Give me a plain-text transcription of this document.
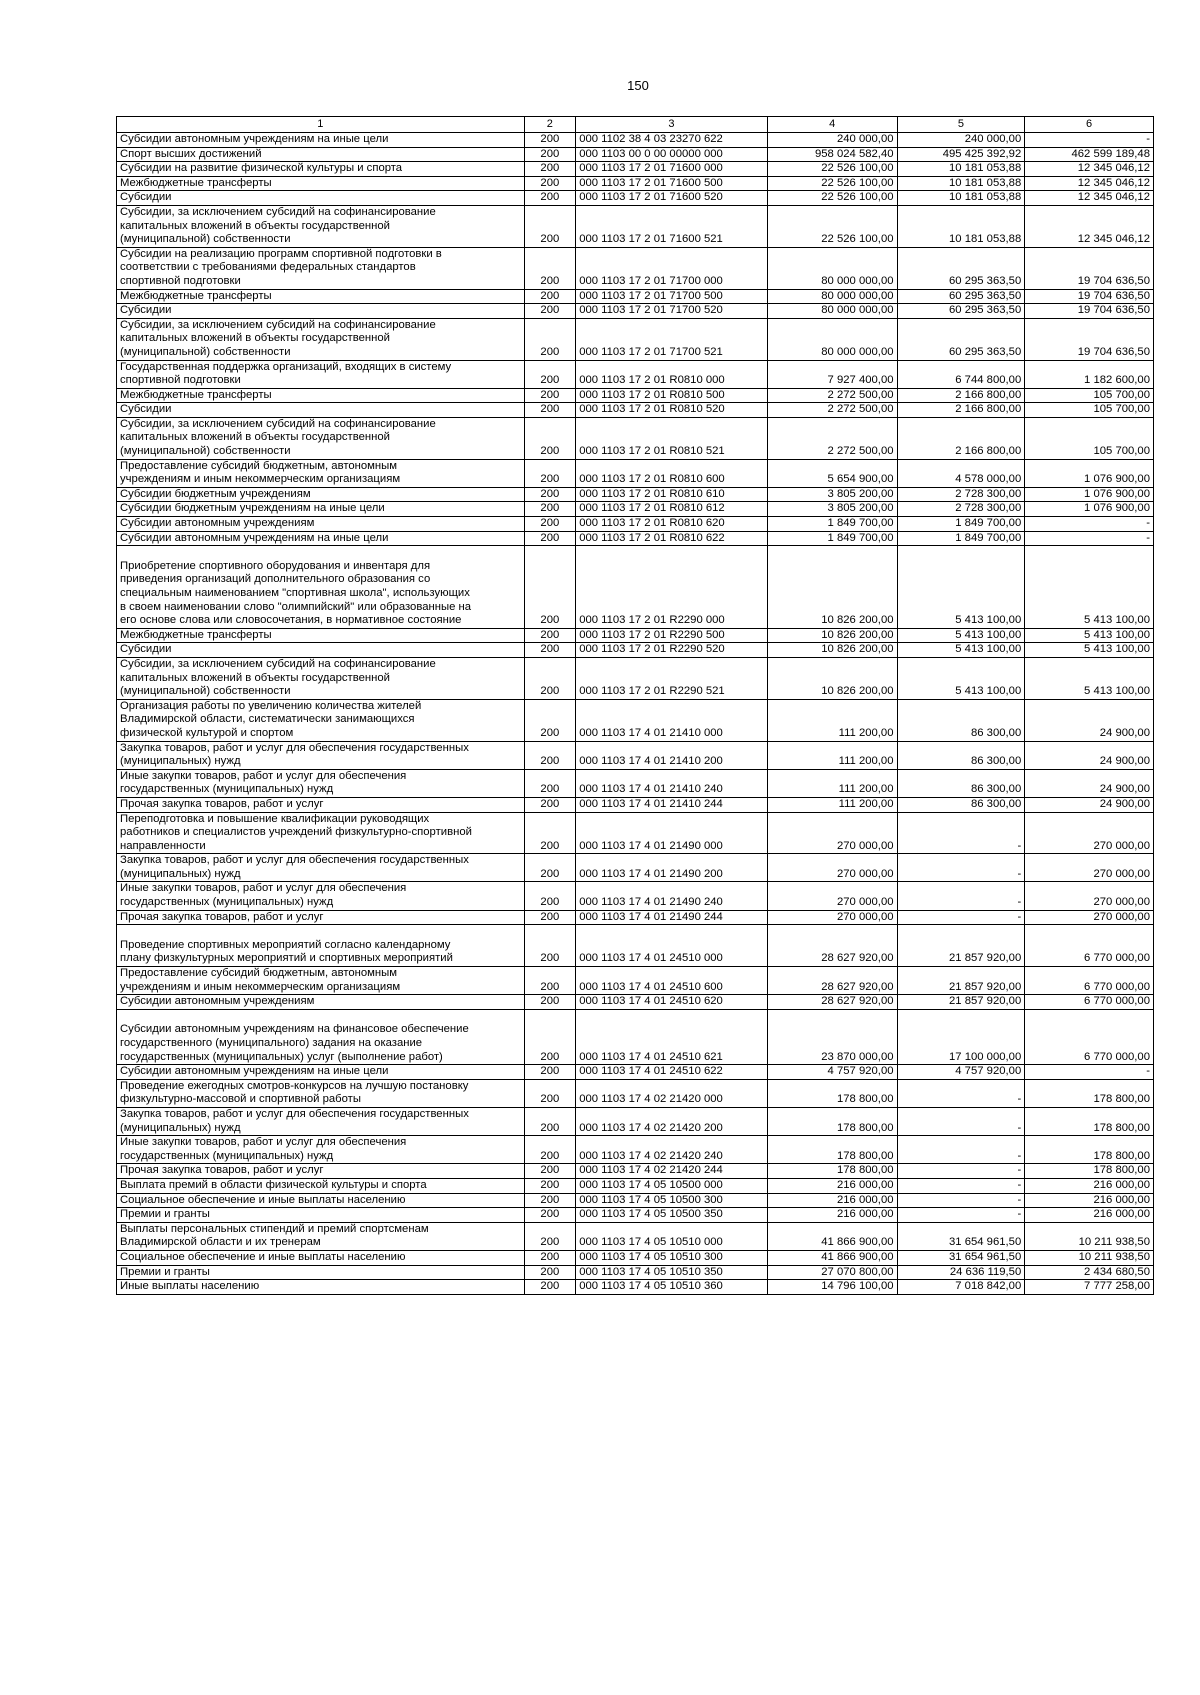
150
1	2	3	4	5	6
Субсидии автономным учреждениям на иные цели	200	000 1102 38 4 03 23270 622	240 000,00	240 000,00	-
Спорт высших достижений	200	000 1103 00 0 00 00000 000	958 024 582,40	495 425 392,92	462 599 189,48
Субсидии на развитие физической культуры и спорта	200	000 1103 17 2 01 71600 000	22 526 100,00	10 181 053,88	12 345 046,12
Межбюджетные трансферты	200	000 1103 17 2 01 71600 500	22 526 100,00	10 181 053,88	12 345 046,12
Субсидии	200	000 1103 17 2 01 71600 520	22 526 100,00	10 181 053,88	12 345 046,12
Субсидии, за исключением субсидий на софинансирование
капитальных вложений в объекты государственной
(муниципальной) собственности	200	000 1103 17 2 01 71600 521	22 526 100,00	10 181 053,88	12 345 046,12
Субсидии на реализацию программ спортивной подготовки в
соответствии с требованиями федеральных стандартов
спортивной подготовки	200	000 1103 17 2 01 71700 000	80 000 000,00	60 295 363,50	19 704 636,50
Межбюджетные трансферты	200	000 1103 17 2 01 71700 500	80 000 000,00	60 295 363,50	19 704 636,50
Субсидии	200	000 1103 17 2 01 71700 520	80 000 000,00	60 295 363,50	19 704 636,50
Субсидии, за исключением субсидий на софинансирование
капитальных вложений в объекты государственной
(муниципальной) собственности	200	000 1103 17 2 01 71700 521	80 000 000,00	60 295 363,50	19 704 636,50
Государственная поддержка организаций, входящих в систему
спортивной подготовки	200	000 1103 17 2 01 R0810 000	7 927 400,00	6 744 800,00	1 182 600,00
Межбюджетные трансферты	200	000 1103 17 2 01 R0810 500	2 272 500,00	2 166 800,00	105 700,00
Субсидии	200	000 1103 17 2 01 R0810 520	2 272 500,00	2 166 800,00	105 700,00
Субсидии, за исключением субсидий на софинансирование
капитальных вложений в объекты государственной
(муниципальной) собственности	200	000 1103 17 2 01 R0810 521	2 272 500,00	2 166 800,00	105 700,00
Предоставление субсидий бюджетным, автономным
учреждениям и иным некоммерческим организациям	200	000 1103 17 2 01 R0810 600	5 654 900,00	4 578 000,00	1 076 900,00
Субсидии бюджетным учреждениям	200	000 1103 17 2 01 R0810 610	3 805 200,00	2 728 300,00	1 076 900,00
Субсидии бюджетным учреждениям на иные цели	200	000 1103 17 2 01 R0810 612	3 805 200,00	2 728 300,00	1 076 900,00
Субсидии автономным учреждениям	200	000 1103 17 2 01 R0810 620	1 849 700,00	1 849 700,00	-
Субсидии автономным учреждениям на иные цели	200	000 1103 17 2 01 R0810 622	1 849 700,00	1 849 700,00	-

Приобретение спортивного оборудования и инвентаря для
приведения организаций дополнительного образования со
специальным наименованием "спортивная школа", использующих
в своем наименовании слово "олимпийский" или образованные на
его основе слова или словосочетания, в нормативное состояние	200	000 1103 17 2 01 R2290 000	10 826 200,00	5 413 100,00	5 413 100,00
Межбюджетные трансферты	200	000 1103 17 2 01 R2290 500	10 826 200,00	5 413 100,00	5 413 100,00
Субсидии	200	000 1103 17 2 01 R2290 520	10 826 200,00	5 413 100,00	5 413 100,00
Субсидии, за исключением субсидий на софинансирование
капитальных вложений в объекты государственной
(муниципальной) собственности	200	000 1103 17 2 01 R2290 521	10 826 200,00	5 413 100,00	5 413 100,00
Организация работы по увеличению количества жителей
Владимирской области, систематически занимающихся
физической культурой и спортом	200	000 1103 17 4 01 21410 000	111 200,00	86 300,00	24 900,00
Закупка товаров, работ и услуг для обеспечения государственных
(муниципальных) нужд	200	000 1103 17 4 01 21410 200	111 200,00	86 300,00	24 900,00
Иные закупки товаров, работ и услуг для обеспечения
государственных (муниципальных) нужд	200	000 1103 17 4 01 21410 240	111 200,00	86 300,00	24 900,00
Прочая закупка товаров, работ и услуг	200	000 1103 17 4 01 21410 244	111 200,00	86 300,00	24 900,00
Переподготовка и повышение квалификации руководящих
работников и специалистов учреждений физкультурно-спортивной
направленности	200	000 1103 17 4 01 21490 000	270 000,00	-	270 000,00
Закупка товаров, работ и услуг для обеспечения государственных
(муниципальных) нужд	200	000 1103 17 4 01 21490 200	270 000,00	-	270 000,00
Иные закупки товаров, работ и услуг для обеспечения
государственных (муниципальных) нужд	200	000 1103 17 4 01 21490 240	270 000,00	-	270 000,00
Прочая закупка товаров, работ и услуг	200	000 1103 17 4 01 21490 244	270 000,00	-	270 000,00

Проведение спортивных мероприятий согласно календарному
плану физкультурных мероприятий и спортивных мероприятий	200	000 1103 17 4 01 24510 000	28 627 920,00	21 857 920,00	6 770 000,00
Предоставление субсидий бюджетным, автономным
учреждениям и иным некоммерческим организациям	200	000 1103 17 4 01 24510 600	28 627 920,00	21 857 920,00	6 770 000,00
Субсидии автономным учреждениям	200	000 1103 17 4 01 24510 620	28 627 920,00	21 857 920,00	6 770 000,00

Субсидии автономным учреждениям на финансовое обеспечение
государственного (муниципального) задания на оказание
государственных (муниципальных) услуг (выполнение работ)	200	000 1103 17 4 01 24510 621	23 870 000,00	17 100 000,00	6 770 000,00
Субсидии автономным учреждениям на иные цели	200	000 1103 17 4 01 24510 622	4 757 920,00	4 757 920,00	-
Проведение ежегодных смотров-конкурсов на лучшую постановку
физкультурно-массовой и спортивной работы	200	000 1103 17 4 02 21420 000	178 800,00	-	178 800,00
Закупка товаров, работ и услуг для обеспечения государственных
(муниципальных) нужд	200	000 1103 17 4 02 21420 200	178 800,00	-	178 800,00
Иные закупки товаров, работ и услуг для обеспечения
государственных (муниципальных) нужд	200	000 1103 17 4 02 21420 240	178 800,00	-	178 800,00
Прочая закупка товаров, работ и услуг	200	000 1103 17 4 02 21420 244	178 800,00	-	178 800,00
Выплата премий в области физической культуры и спорта	200	000 1103 17 4 05 10500 000	216 000,00	-	216 000,00
Социальное обеспечение и иные выплаты населению	200	000 1103 17 4 05 10500 300	216 000,00	-	216 000,00
Премии и гранты	200	000 1103 17 4 05 10500 350	216 000,00	-	216 000,00
Выплаты персональных стипендий и премий спортсменам
Владимирской области и их тренерам	200	000 1103 17 4 05 10510 000	41 866 900,00	31 654 961,50	10 211 938,50
Социальное обеспечение и иные выплаты населению	200	000 1103 17 4 05 10510 300	41 866 900,00	31 654 961,50	10 211 938,50
Премии и гранты	200	000 1103 17 4 05 10510 350	27 070 800,00	24 636 119,50	2 434 680,50
Иные выплаты населению	200	000 1103 17 4 05 10510 360	14 796 100,00	7 018 842,00	7 777 258,00
